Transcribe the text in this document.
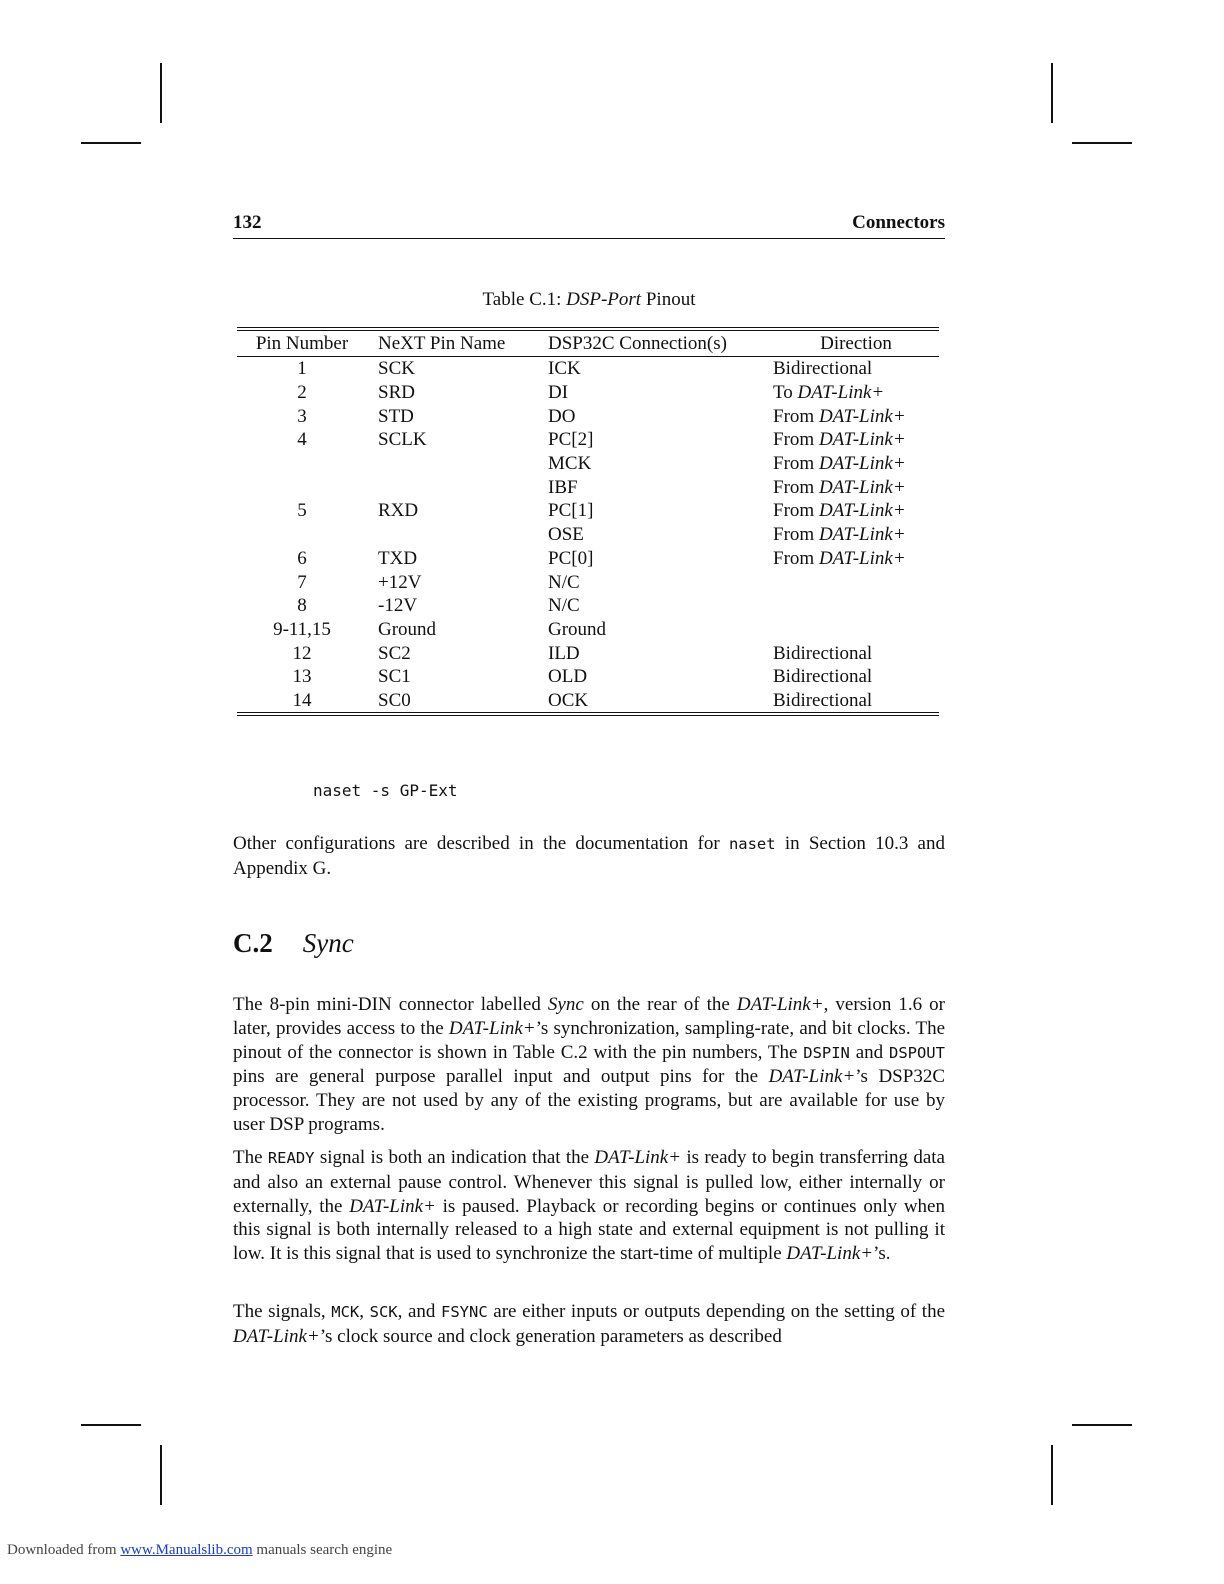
132	Connectors
Table C.1: DSP-Port Pinout
Pin Number	NeXT Pin Name	DSP32C Connection(s)	Direction
1	SCK	ICK	Bidirectional
2	SRD	DI	To DAT-Link+
3	STD	DO	From DAT-Link+
4	SCLK	PC[2]	From DAT-Link+
		MCK	From DAT-Link+
		IBF	From DAT-Link+
5	RXD	PC[1]	From DAT-Link+
		OSE	From DAT-Link+
6	TXD	PC[0]	From DAT-Link+
7	+12V	N/C	
8	-12V	N/C	
9-11,15	Ground	Ground	
12	SC2	ILD	Bidirectional
13	SC1	OLD	Bidirectional
14	SC0	OCK	Bidirectional
naset -s GP-Ext

Other configurations are described in the documentation for naset in Section 10.3 and Appendix G.

C.2 Sync

The 8-pin mini-DIN connector labelled Sync on the rear of the DAT-Link+, version 1.6 or later, provides access to the DAT-Link+’s synchronization, sampling-rate, and bit clocks. The pinout of the connector is shown in Table C.2 with the pin numbers, The DSPIN and DSPOUT pins are general purpose parallel input and output pins for the DAT-Link+’s DSP32C processor. They are not used by any of the existing programs, but are available for use by user DSP programs.

The READY signal is both an indication that the DAT-Link+ is ready to begin transferring data and also an external pause control. Whenever this signal is pulled low, either internally or externally, the DAT-Link+ is paused. Playback or recording begins or continues only when this signal is both internally released to a high state and external equipment is not pulling it low. It is this signal that is used to synchronize the start-time of multiple DAT-Link+’s.

The signals, MCK, SCK, and FSYNC are either inputs or outputs depending on the setting of the DAT-Link+’s clock source and clock generation parameters as described

Downloaded from www.Manualslib.com manuals search engine
